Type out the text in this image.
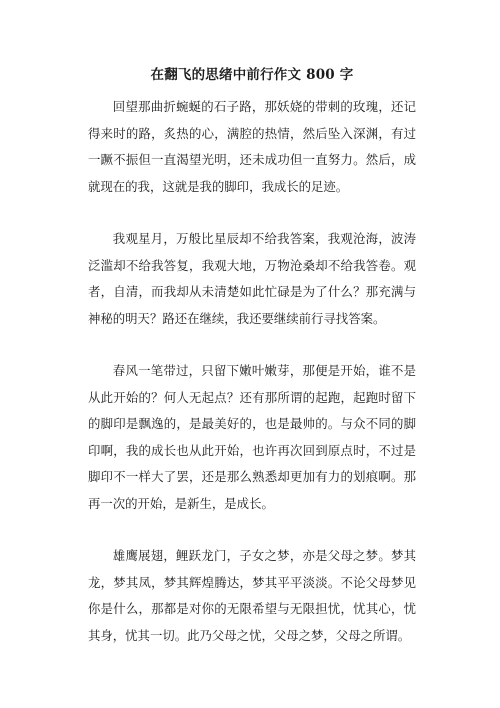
在翻飞的思绪中前行作文 800 字

回望那曲折蜿蜒的石子路，那妖娆的带刺的玫瑰，还记得来时的路，炙热的心，满腔的热情，然后坠入深渊，有过一蹶不振但一直渴望光明，还未成功但一直努力。然后，成就现在的我，这就是我的脚印，我成长的足迹。

我观星月，万般比星辰却不给我答案，我观沧海，波涛泛滥却不给我答复，我观大地，万物沧桑却不给我答卷。观者，自清，而我却从未清楚如此忙碌是为了什么？那充满与神秘的明天？路还在继续，我还要继续前行寻找答案。

春风一笔带过，只留下嫩叶嫩芽，那便是开始，谁不是从此开始的？何人无起点？还有那所谓的起跑，起跑时留下的脚印是飘逸的，是最美好的，也是最帅的。与众不同的脚印啊，我的成长也从此开始，也许再次回到原点时，不过是脚印不一样大了罢，还是那么熟悉却更加有力的划痕啊。那再一次的开始，是新生，是成长。

雄鹰展翅，鲤跃龙门，子女之梦，亦是父母之梦。梦其龙，梦其凤，梦其辉煌腾达，梦其平平淡淡。不论父母梦见你是什么，那都是对你的无限希望与无限担忧，忧其心，忧其身，忧其一切。此乃父母之忧，父母之梦，父母之所谓。
